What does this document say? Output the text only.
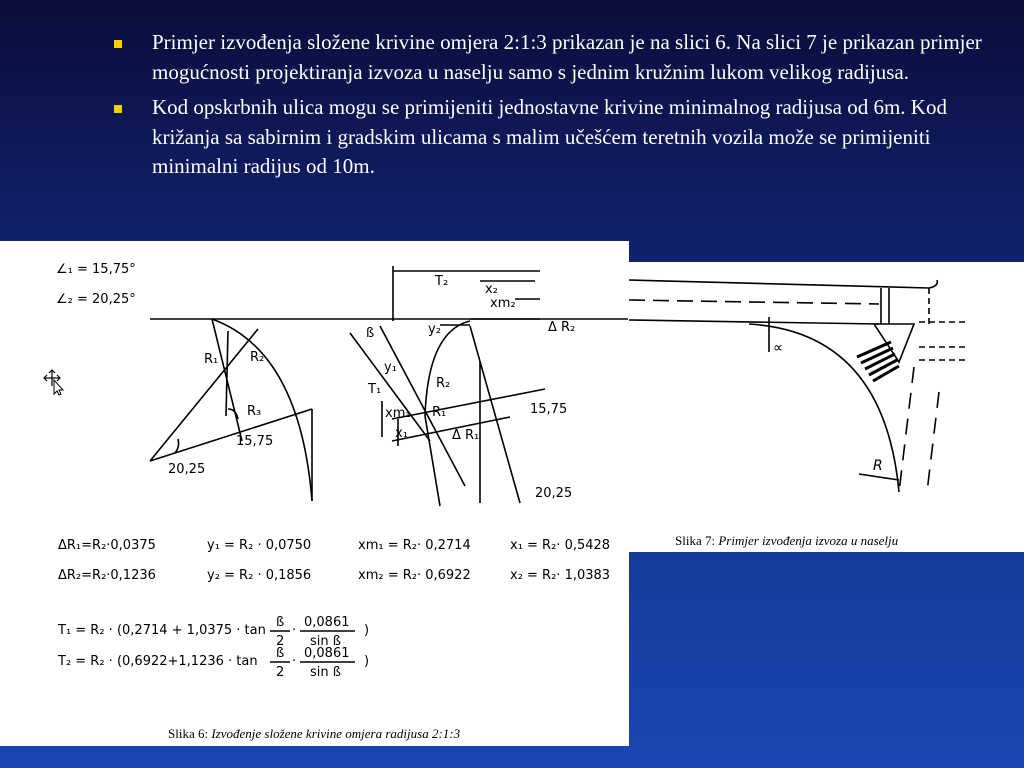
Primjer izvođenja složene krivine omjera 2:1:3 prikazan je na slici 6. Na slici 7 je prikazan primjer mogućnosti projektiranja izvoza u naselju samo s jednim kružnim lukom velikog radijusa.
Kod opskrbnih ulica mogu se primijeniti jednostavne krivine minimalnog radijusa od 6m. Kod križanja sa sabirnim i gradskim ulicama s malim učešćem teretnih vozila može se primijeniti minimalni radijus od 10m.
∠₁ = 15,75°
∠₂ = 20,25°
R₁ R₂
R₃
15,75
20,25
T₂
x₂
xm₂
Δ R₂
ß	y₂
y₁
T₁
xm₁
x₁	Δ R₁
R₂
R₁	15,75
20,25
ΔR₁=R₂·0,0375	y₁ = R₂ · 0,0750	xm₁ = R₂· 0,2714	x₁ = R₂· 0,5428
ΔR₂=R₂·0,1236	y₂ = R₂ · 0,1856	xm₂ = R₂· 0,6922	x₂ = R₂· 1,0383
T₁ = R₂ · (0,2714 + 1,0375 · tan
ß
2
·
0,0861
sin ß
)
T₂ = R₂ · (0,6922+1,1236 · tan
ß
2
·
0,0861
sin ß
)
Slika 6: Izvođenje složene krivine omjera radijusa 2:1:3
∝
R
Slika 7: Primjer izvođenja izvoza u naselju
